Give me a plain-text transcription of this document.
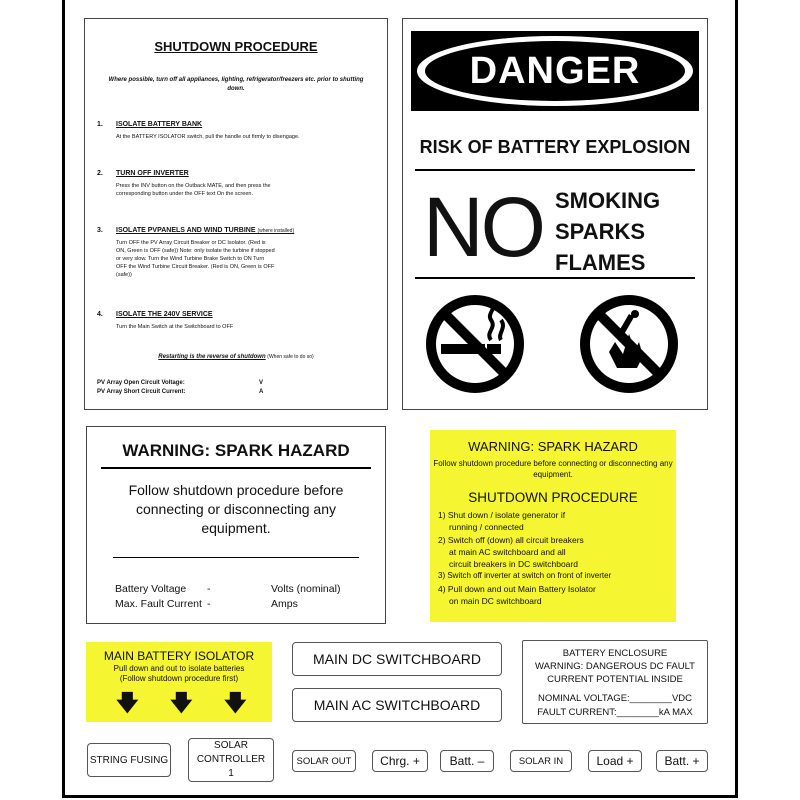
SHUTDOWN PROCEDURE
Where possible, turn off all appliances, lighting, refrigerator/freezers etc. prior to shutting down.
1. ISOLATE BATTERY BANK
At the BATTERY ISOLATOR switch, pull the handle out firmly to disengage.
2. TURN OFF INVERTER
Press the INV button on the Outback MATE, and then press the corresponding button under the OFF text On the screen.
3. ISOLATE PVPANELS AND WIND TURBINE (where installed)
Turn OFF the PV Array Circuit Breaker or DC Isolator. (Red is ON, Green is OFF (safe)) Note: only isolate the turbine if stopped or very slow. Turn the Wind Turbine Brake Switch to ON Turn OFF the Wind Turbine Circuit Breaker. (Red is ON, Green is OFF (safe))
4. ISOLATE THE 240V SERVICE
Turn the Main Switch at the Switchboard to OFF
Restarting is the reverse of shutdown (When safe to do so)
PV Array Open Circuit Voltage:	V
PV Array Short Circuit Current:	A
DANGER
RISK OF BATTERY EXPLOSION
NO SMOKING
SPARKS
FLAMES
WARNING: SPARK HAZARD
Follow shutdown procedure before connecting or disconnecting any equipment.
Battery Voltage -	Volts (nominal)
Max. Fault Current -	Amps
WARNING: SPARK HAZARD
Follow shutdown procedure before connecting or disconnecting any equipment.
SHUTDOWN PROCEDURE
1) Shut down / isolate generator if
running / connected
2) Switch off (down) all circuit breakers
at main AC switchboard and all
circuit breakers in DC switchboard
3) Switch off inverter at switch on front of inverter
4) Pull down and out Main Battery Isolator
on main DC switchboard
MAIN BATTERY ISOLATOR
Pull down and out to isolate batteries
(Follow shutdown procedure first)
🡇 🡇 🡇
MAIN DC SWITCHBOARD
MAIN AC SWITCHBOARD
BATTERY ENCLOSURE
WARNING: DANGEROUS DC FAULT
CURRENT POTENTIAL INSIDE
NOMINAL VOLTAGE:________VDC
FAULT CURRENT:________kA MAX
STRING FUSING
SOLAR CONTROLLER 1
SOLAR OUT	Chrg. +	Batt. –	SOLAR IN	Load +	Batt. +
